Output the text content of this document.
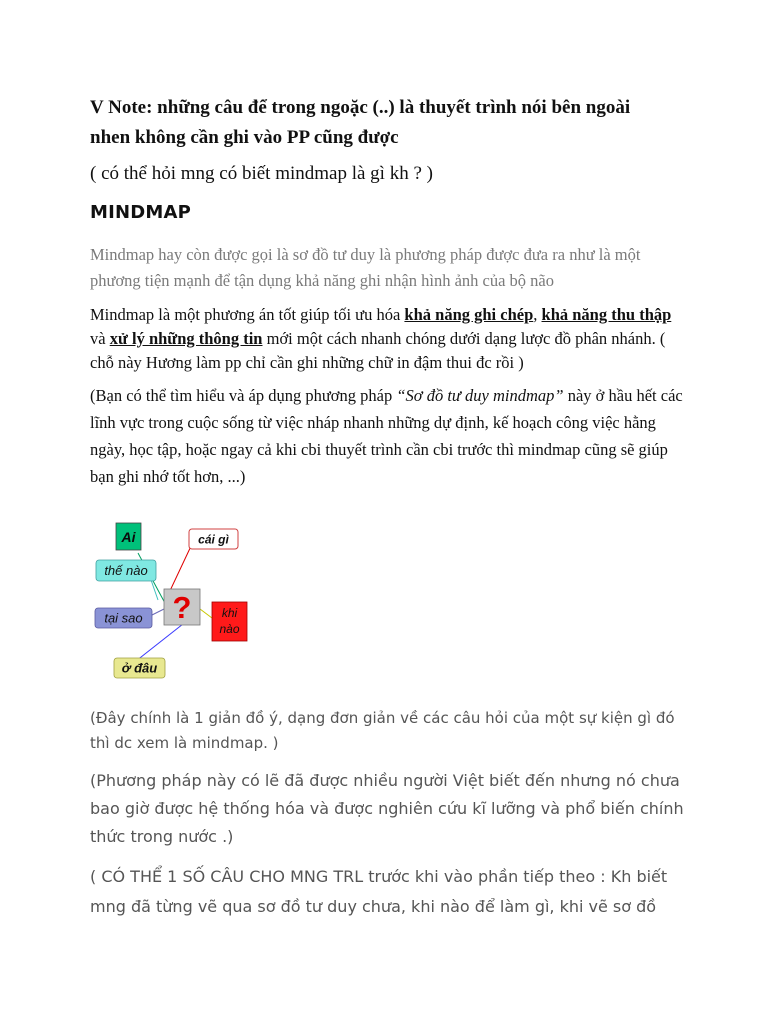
V Note: những câu để trong ngoặc (..) là thuyết trình nói bên ngoài
nhen không cần ghi vào PP cũng được

( có thể hỏi mng có biết mindmap là gì kh ? )

MINDMAP

Mindmap hay còn được gọi là sơ đồ tư duy là phương pháp được đưa ra như là một phương tiện mạnh để tận dụng khả năng ghi nhận hình ảnh của bộ não

Mindmap là một phương án tốt giúp tối ưu hóa khả năng ghi chép, khả năng thu thập và xử lý những thông tin mới một cách nhanh chóng dưới dạng lược đồ phân nhánh. ( chỗ này Hương làm pp chỉ cần ghi những chữ in đậm thui đc rồi )

(Bạn có thể tìm hiểu và áp dụng phương pháp “Sơ đồ tư duy mindmap” này ở hầu hết các lĩnh vực trong cuộc sống từ việc nháp nhanh những dự định, kế hoạch công việc hằng ngày, học tập, hoặc ngay cả khi cbi thuyết trình cần cbi trước thì mindmap cũng sẽ giúp bạn ghi nhớ tốt hơn, ...)

Ai	cái gì
thế nào
tại sao ?	khi
nào
ở đâu

(Đây chính là 1 giản đồ ý, dạng đơn giản về các câu hỏi của một sự kiện gì đó thì dc xem là mindmap. )

(Phương pháp này có lẽ đã được nhiều người Việt biết đến nhưng nó chưa bao giờ được hệ thống hóa và được nghiên cứu kĩ lưỡng và phổ biến chính thức trong nước .)

( CÓ THỂ 1 SỐ CÂU CHO MNG TRL trước khi vào phần tiếp theo : Kh biết mng đã từng vẽ qua sơ đồ tư duy chưa, khi nào để làm gì, khi vẽ sơ đồ
